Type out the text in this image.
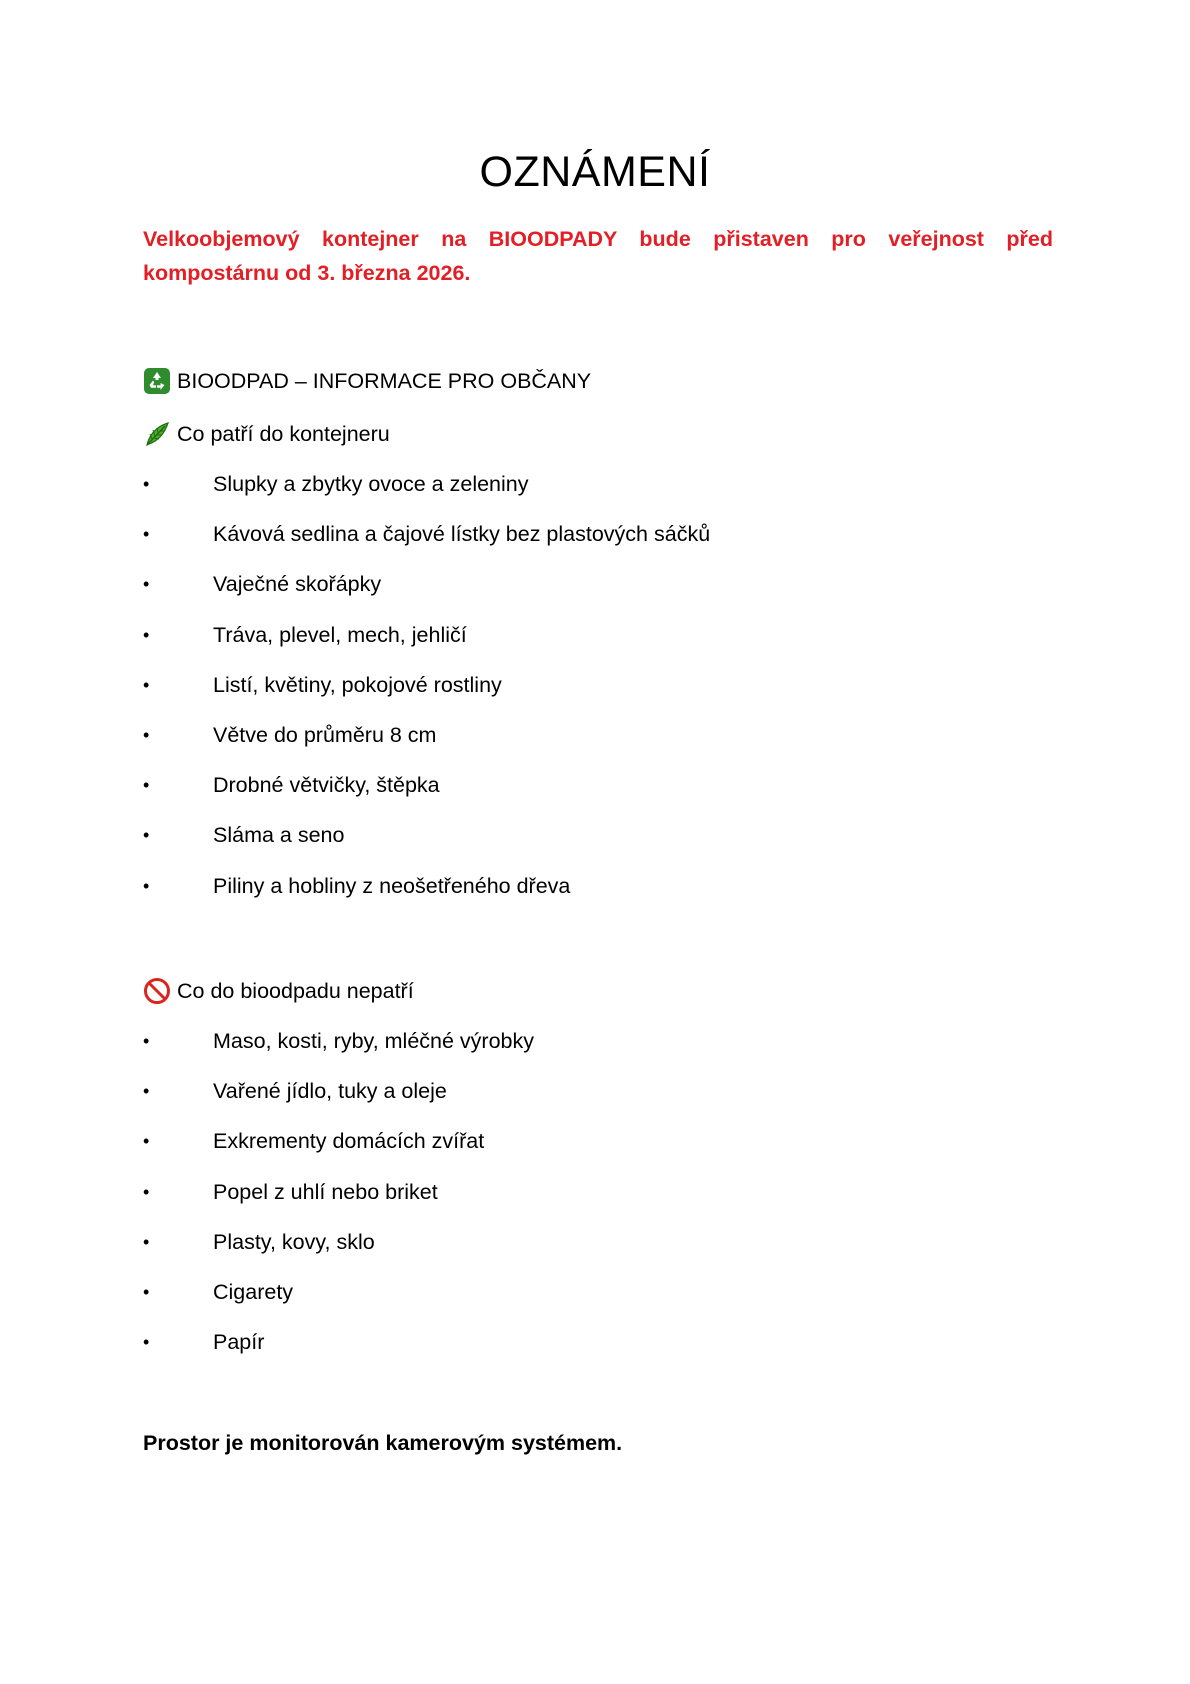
OZNÁMENÍ
Velkoobjemový kontejner na BIOODPADY bude přistaven pro veřejnost před kompostárnu od 3. března 2026.
BIOODPAD – INFORMACE PRO OBČANY
Co patří do kontejneru
•	Slupky a zbytky ovoce a zeleniny
•	Kávová sedlina a čajové lístky bez plastových sáčků
•	Vaječné skořápky
•	Tráva, plevel, mech, jehličí
•	Listí, květiny, pokojové rostliny
•	Větve do průměru 8 cm
•	Drobné větvičky, štěpka
•	Sláma a seno
•	Piliny a hobliny z neošetřeného dřeva
Co do bioodpadu nepatří
•	Maso, kosti, ryby, mléčné výrobky
•	Vařené jídlo, tuky a oleje
•	Exkrementy domácích zvířat
•	Popel z uhlí nebo briket
•	Plasty, kovy, sklo
•	Cigarety
•	Papír
Prostor je monitorován kamerovým systémem.
